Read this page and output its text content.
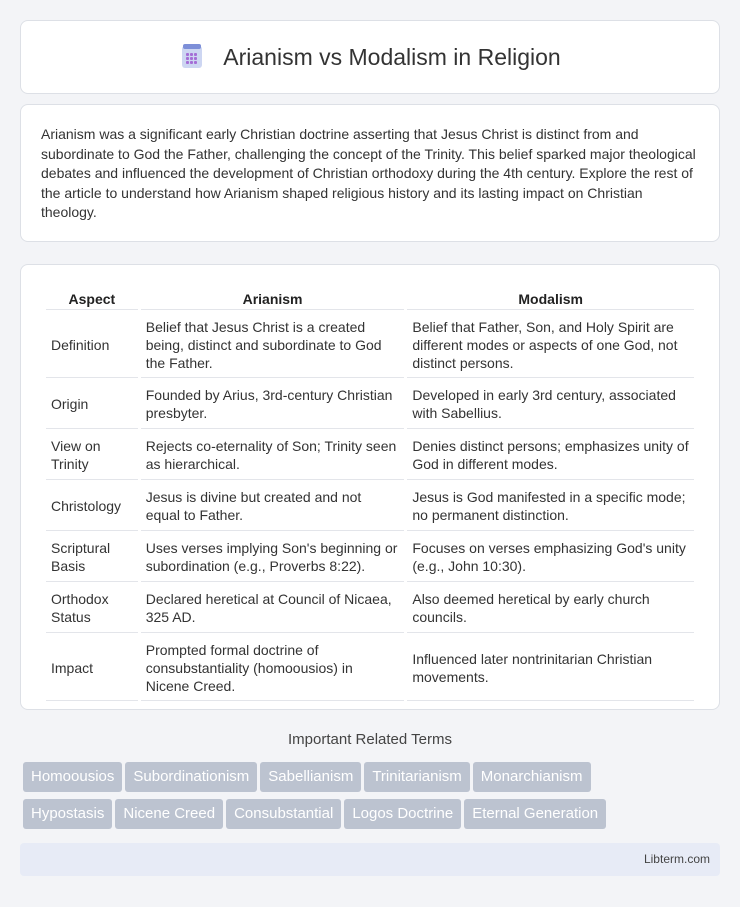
Arianism vs Modalism in Religion

Arianism was a significant early Christian doctrine asserting that Jesus Christ is distinct from and subordinate to God the Father, challenging the concept of the Trinity. This belief sparked major theological debates and influenced the development of Christian orthodoxy during the 4th century. Explore the rest of the article to understand how Arianism shaped religious history and its lasting impact on Christian theology.

Aspect	Arianism	Modalism
Definition	Belief that Jesus Christ is a created being, distinct and subordinate to God the Father.	Belief that Father, Son, and Holy Spirit are different modes or aspects of one God, not distinct persons.
Origin	Founded by Arius, 3rd-century Christian presbyter.	Developed in early 3rd century, associated with Sabellius.
View on Trinity	Rejects co-eternality of Son; Trinity seen as hierarchical.	Denies distinct persons; emphasizes unity of God in different modes.
Christology	Jesus is divine but created and not equal to Father.	Jesus is God manifested in a specific mode; no permanent distinction.
Scriptural Basis	Uses verses implying Son's beginning or subordination (e.g., Proverbs 8:22).	Focuses on verses emphasizing God's unity (e.g., John 10:30).
Orthodox Status	Declared heretical at Council of Nicaea, 325 AD.	Also deemed heretical by early church councils.
Impact	Prompted formal doctrine of consubstantiality (homoousios) in Nicene Creed.	Influenced later nontrinitarian Christian movements.
Important Related Terms
Homoousios Subordinationism Sabellianism Trinitarianism Monarchianism
Hypostasis Nicene Creed Consubstantial Logos Doctrine Eternal Generation
Libterm.com
